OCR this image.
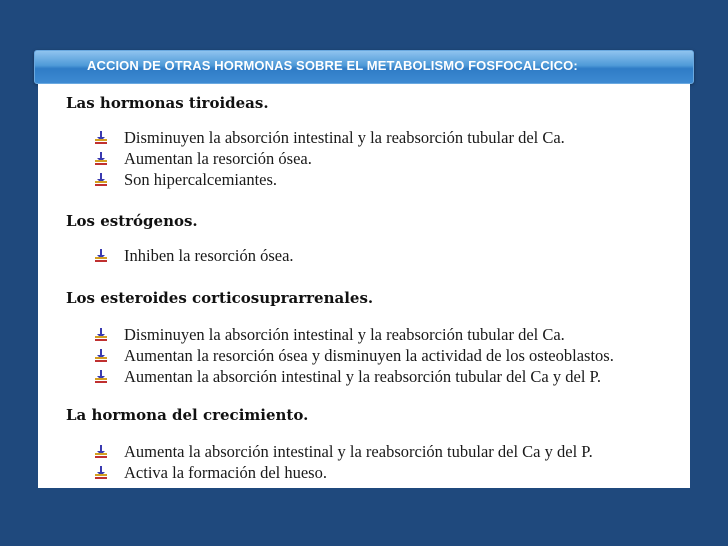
ACCION DE OTRAS HORMONAS SOBRE EL METABOLISMO FOSFOCALCICO:
Las hormonas tiroideas.
Disminuyen la absorción intestinal y la reabsorción tubular del Ca.
Aumentan la resorción ósea.
Son hipercalcemiantes.
Los estrógenos.
Inhiben la resorción ósea.
Los esteroides corticosuprarrenales.
Disminuyen la absorción intestinal y la reabsorción tubular del Ca.
Aumentan la resorción ósea y disminuyen la actividad de los osteoblastos.
Aumentan la absorción intestinal y la reabsorción tubular del Ca y del P.
La hormona del crecimiento.
Aumenta la absorción intestinal y la reabsorción tubular del Ca y del P.
Activa la formación del hueso.
